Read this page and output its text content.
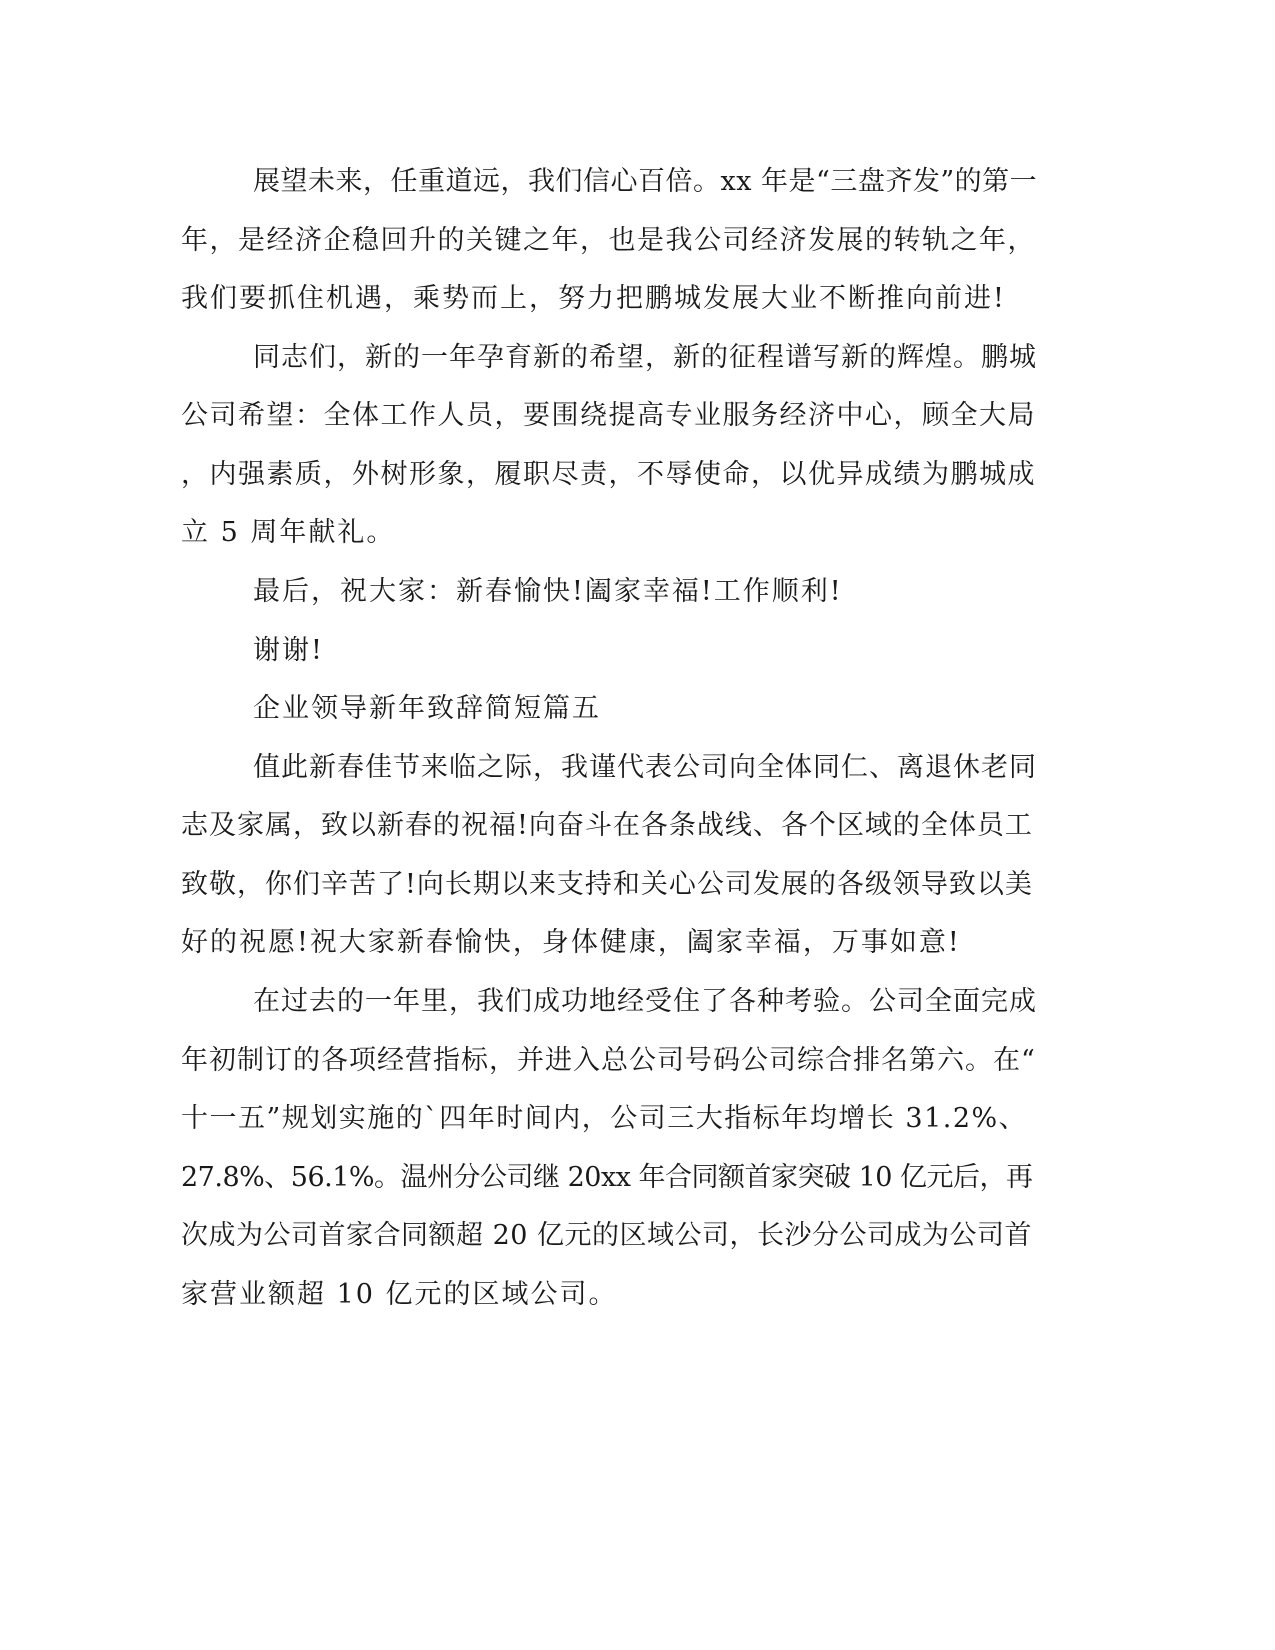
展望未来，任重道远，我们信心百倍。xx 年是“三盘齐发”的第一
年，是经济企稳回升的关键之年，也是我公司经济发展的转轨之年，
我们要抓住机遇，乘势而上，努力把鹏城发展大业不断推向前进!
同志们，新的一年孕育新的希望，新的征程谱写新的辉煌。鹏城
公司希望：全体工作人员，要围绕提高专业服务经济中心，顾全大局
，内强素质，外树形象，履职尽责，不辱使命，以优异成绩为鹏城成
立 5 周年献礼。
最后，祝大家：新春愉快!阖家幸福!工作顺利!
谢谢!
企业领导新年致辞简短篇五
值此新春佳节来临之际，我谨代表公司向全体同仁、离退休老同
志及家属，致以新春的祝福!向奋斗在各条战线、各个区域的全体员工
致敬，你们辛苦了!向长期以来支持和关心公司发展的各级领导致以美
好的祝愿!祝大家新春愉快，身体健康，阖家幸福，万事如意!
在过去的一年里，我们成功地经受住了各种考验。公司全面完成
年初制订的各项经营指标，并进入总公司号码公司综合排名第六。在“
十一五”规划实施的`四年时间内，公司三大指标年均增长 31.2%、
27.8%、56.1%。温州分公司继 20xx 年合同额首家突破 10 亿元后，再
次成为公司首家合同额超 20 亿元的区域公司，长沙分公司成为公司首
家营业额超 10 亿元的区域公司。
